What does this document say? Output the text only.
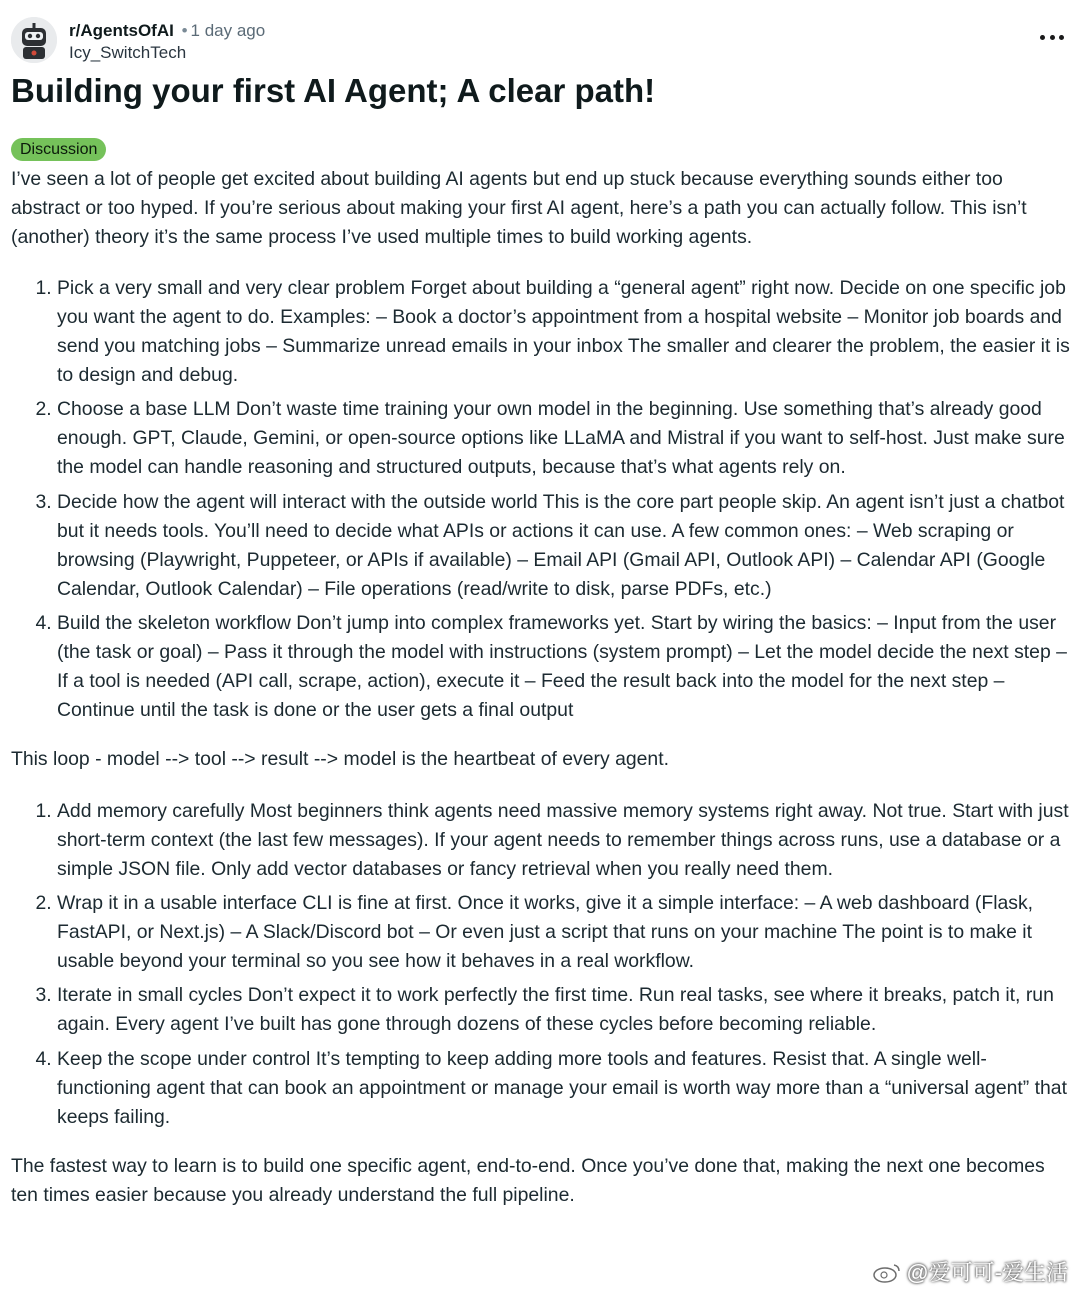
r/AgentsOfAI • 1 day ago
Icy_SwitchTech
Building your first AI Agent; A clear path!
Discussion

I’ve seen a lot of people get excited about building AI agents but end up stuck because everything sounds either too abstract or too hyped. If you’re serious about making your first AI agent, here’s a path you can actually follow. This isn’t (another) theory it’s the same process I’ve used multiple times to build working agents.

1. Pick a very small and very clear problem Forget about building a “general agent” right now. Decide on one specific job you want the agent to do. Examples: – Book a doctor’s appointment from a hospital website – Monitor job boards and send you matching jobs – Summarize unread emails in your inbox The smaller and clearer the problem, the easier it is to design and debug.
2. Choose a base LLM Don’t waste time training your own model in the beginning. Use something that’s already good enough. GPT, Claude, Gemini, or open-source options like LLaMA and Mistral if you want to self-host. Just make sure the model can handle reasoning and structured outputs, because that’s what agents rely on.
3. Decide how the agent will interact with the outside world This is the core part people skip. An agent isn’t just a chatbot but it needs tools. You’ll need to decide what APIs or actions it can use. A few common ones: – Web scraping or browsing (Playwright, Puppeteer, or APIs if available) – Email API (Gmail API, Outlook API) – Calendar API (Google Calendar, Outlook Calendar) – File operations (read/write to disk, parse PDFs, etc.)
4. Build the skeleton workflow Don’t jump into complex frameworks yet. Start by wiring the basics: – Input from the user (the task or goal) – Pass it through the model with instructions (system prompt) – Let the model decide the next step – If a tool is needed (API call, scrape, action), execute it – Feed the result back into the model for the next step – Continue until the task is done or the user gets a final output

This loop - model --> tool --> result --> model is the heartbeat of every agent.

1. Add memory carefully Most beginners think agents need massive memory systems right away. Not true. Start with just short-term context (the last few messages). If your agent needs to remember things across runs, use a database or a simple JSON file. Only add vector databases or fancy retrieval when you really need them.
2. Wrap it in a usable interface CLI is fine at first. Once it works, give it a simple interface: – A web dashboard (Flask, FastAPI, or Next.js) – A Slack/Discord bot – Or even just a script that runs on your machine The point is to make it usable beyond your terminal so you see how it behaves in a real workflow.
3. Iterate in small cycles Don’t expect it to work perfectly the first time. Run real tasks, see where it breaks, patch it, run again. Every agent I’ve built has gone through dozens of these cycles before becoming reliable.
4. Keep the scope under control It’s tempting to keep adding more tools and features. Resist that. A single well-functioning agent that can book an appointment or manage your email is worth way more than a “universal agent” that keeps failing.

The fastest way to learn is to build one specific agent, end-to-end. Once you’ve done that, making the next one becomes ten times easier because you already understand the full pipeline.

@爱可可-爱生活
